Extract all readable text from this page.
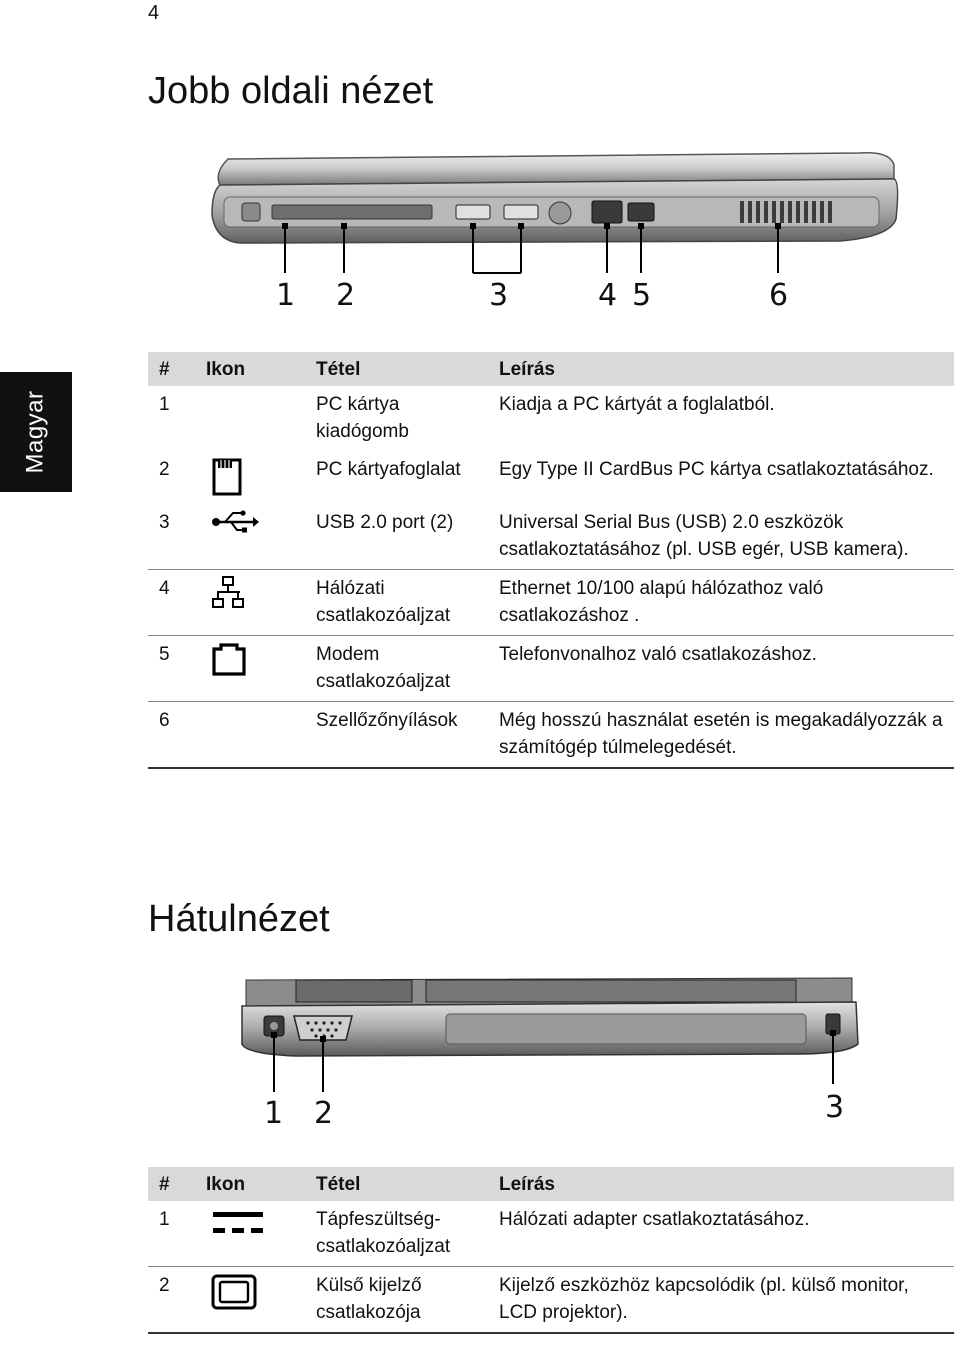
4
Magyar
Jobb oldali nézet
1 2	3	4 5	6
#	Ikon	Tétel	Leírás
1		PC kártya kiadógomb	Kiadja a PC kártyát a foglalatból.
2		PC kártyafoglalat	Egy Type II CardBus PC kártya csatlakoztatásához.
3		USB 2.0 port (2)	Universal Serial Bus (USB) 2.0 eszközök csatlakoztatásához (pl. USB egér, USB kamera).
4		Hálózati csatlakozóaljzat	Ethernet 10/100 alapú hálózathoz való csatlakozáshoz .
5		Modem csatlakozóaljzat	Telefonvonalhoz való csatlakozáshoz.
6		Szellőzőnyílások	Még hosszú használat esetén is megakadályozzák a számítógép túlmelegedését.
Hátulnézet
1 2	3
#	Ikon	Tétel	Leírás
1		Tápfeszültség-csatlakozóaljzat	Hálózati adapter csatlakoztatásához.
2		Külső kijelző csatlakozója	Kijelző eszközhöz kapcsolódik (pl. külső monitor, LCD projektor).
